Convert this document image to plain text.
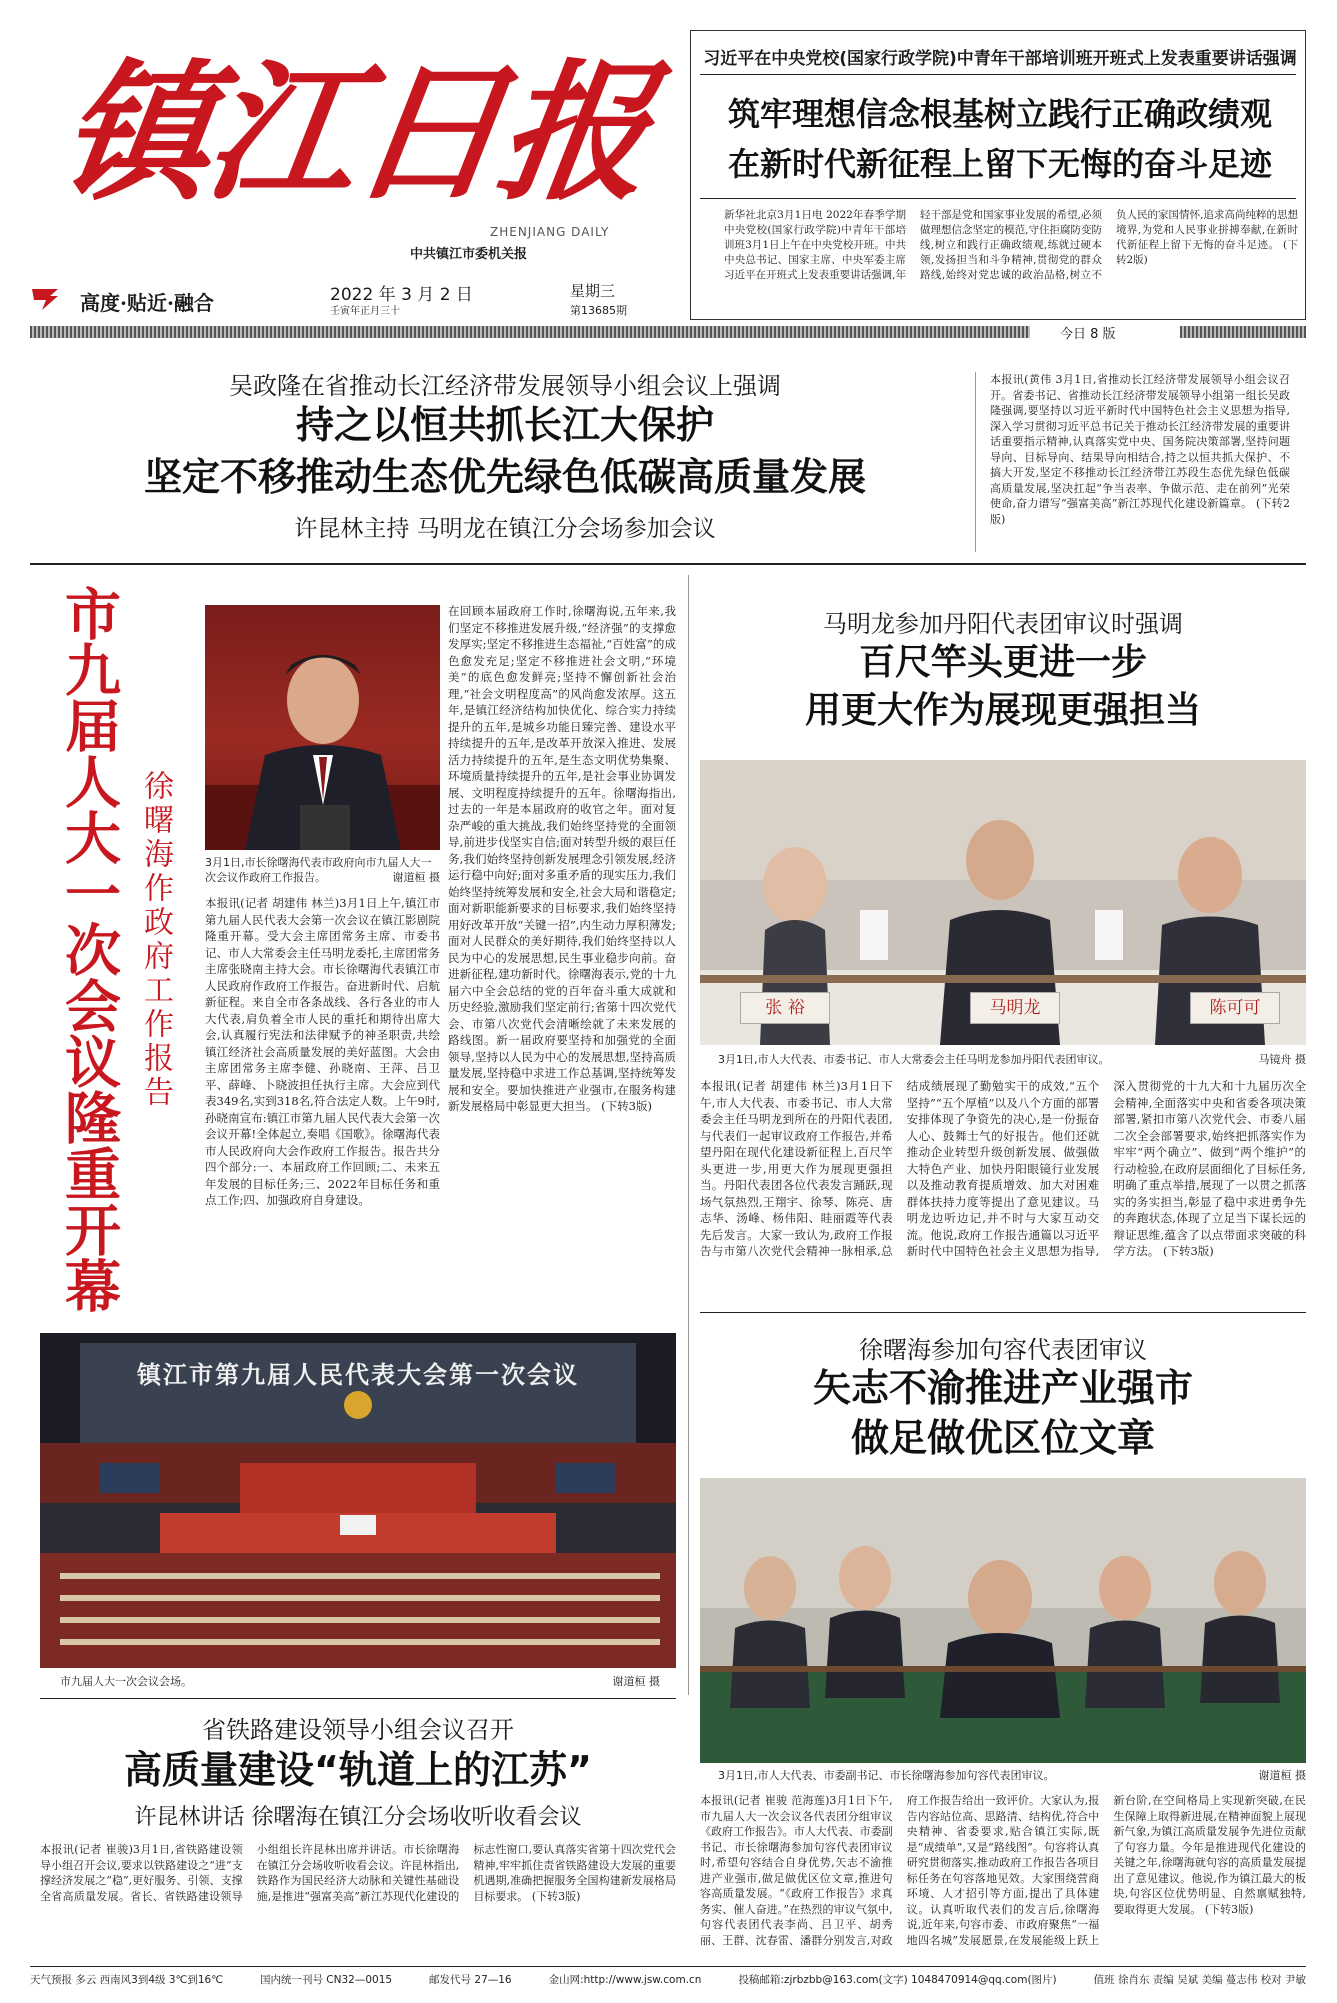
镇江日报
ZHENJIANG DAILY
中共镇江市委机关报
高度·贴近·融合	2022 年 3 月 2 日
壬寅年正月三十
星期三
第13685期
习近平在中央党校(国家行政学院)中青年干部培训班开班式上发表重要讲话强调
筑牢理想信念根基树立践行正确政绩观
在新时代新征程上留下无悔的奋斗足迹
新华社北京3月1日电 2022年春季学期中央党校(国家行政学院)中青年干部培训班3月1日上午在中央党校开班。中共中央总书记、国家主席、中央军委主席习近平在开班式上发表重要讲话强调,年轻干部是党和国家事业发展的希望,必须做理想信念坚定的模范,守住拒腐防变防线,树立和践行正确政绩观,练就过硬本领,发扬担当和斗争精神,贯彻党的群众路线,始终对党忠诚的政治品格,树立不负人民的家国情怀,追求高尚纯粹的思想境界,为党和人民事业拼搏奉献,在新时代新征程上留下无悔的奋斗足迹。 (下转2版)
今日 8 版
吴政隆在省推动长江经济带发展领导小组会议上强调
持之以恒共抓长江大保护
坚定不移推动生态优先绿色低碳高质量发展
许昆林主持 马明龙在镇江分会场参加会议
本报讯(黄伟 3月1日,省推动长江经济带发展领导小组会议召开。省委书记、省推动长江经济带发展领导小组第一组长吴政隆强调,要坚持以习近平新时代中国特色社会主义思想为指导,深入学习贯彻习近平总书记关于推动长江经济带发展的重要讲话重要指示精神,认真落实党中央、国务院决策部署,坚持问题导向、目标导向、结果导向相结合,持之以恒共抓大保护、不搞大开发,坚定不移推动长江经济带江苏段生态优先绿色低碳高质量发展,坚决扛起“争当表率、争做示范、走在前列”光荣使命,奋力谱写“强富美高”新江苏现代化建设新篇章。 (下转2版)
市九届人大一次会议隆重开幕 徐曙海作政府工作报告	3月1日,市长徐曙海代表市政府向市九届人大一次会议作政府工作报告。	谢道桓 摄
本报讯(记者 胡建伟 林兰)3月1日上午,镇江市第九届人民代表大会第一次会议在镇江影剧院隆重开幕。受大会主席团常务主席、市委书记、市人大常委会主任马明龙委托,主席团常务主席张晓南主持大会。市长徐曙海代表镇江市人民政府作政府工作报告。奋进新时代、启航新征程。来自全市各条战线、各行各业的市人大代表,肩负着全市人民的重托和期待出席大会,认真履行宪法和法律赋予的神圣职责,共绘镇江经济社会高质量发展的美好蓝图。大会由主席团常务主席李健、孙晓南、王萍、吕卫平、薛峰、卜晓波担任执行主席。大会应到代表349名,实到318名,符合法定人数。上午9时,孙晓南宣布:镇江市第九届人民代表大会第一次会议开幕!全体起立,奏唱《国歌》。徐曙海代表市人民政府向大会作政府工作报告。报告共分四个部分:一、本届政府工作回顾;二、未来五年发展的目标任务;三、2022年目标任务和重点工作;四、加强政府自身建设。
在回顾本届政府工作时,徐曙海说,五年来,我们坚定不移推进发展升级,“经济强”的支撑愈发厚实;坚定不移推进生态福祉,“百姓富”的成色愈发充足;坚定不移推进社会文明,“环境美”的底色愈发鲜亮;坚持不懈创新社会治理,“社会文明程度高”的风尚愈发浓厚。这五年,是镇江经济结构加快优化、综合实力持续提升的五年,是城乡功能日臻完善、建设水平持续提升的五年,是改革开放深入推进、发展活力持续提升的五年,是生态文明优势集聚、环境质量持续提升的五年,是社会事业协调发展、文明程度持续提升的五年。徐曙海指出,过去的一年是本届政府的收官之年。面对复杂严峻的重大挑战,我们始终坚持党的全面领导,前进步伐坚实自信;面对转型升级的艰巨任务,我们始终坚持创新发展理念引领发展,经济运行稳中向好;面对多重矛盾的现实压力,我们始终坚持统筹发展和安全,社会大局和谐稳定;面对新职能新要求的目标要求,我们始终坚持用好改革开放“关键一招”,内生动力厚积薄发;面对人民群众的美好期待,我们始终坚持以人民为中心的发展思想,民生事业稳步向前。奋进新征程,建功新时代。徐曙海表示,党的十九届六中全会总结的党的百年奋斗重大成就和历史经验,激励我们坚定前行;省第十四次党代会、市第八次党代会清晰绘就了未来发展的路线图。新一届政府要坚持和加强党的全面领导,坚持以人民为中心的发展思想,坚持高质量发展,坚持稳中求进工作总基调,坚持统筹发展和安全。要加快推进产业强市,在服务构建新发展格局中彰显更大担当。 (下转3版)
镇江市第九届人民代表大会第一次会议
市九届人大一次会议会场。	谢道桓 摄
马明龙参加丹阳代表团审议时强调
百尺竿头更进一步
用更大作为展现更强担当
张 裕	马明龙	陈可可
3月1日,市人大代表、市委书记、市人大常委会主任马明龙参加丹阳代表团审议。	马镜舟 摄
本报讯(记者 胡建伟 林兰)3月1日下午,市人大代表、市委书记、市人大常委会主任马明龙到所在的丹阳代表团,与代表们一起审议政府工作报告,并希望丹阳在现代化建设新征程上,百尺竿头更进一步,用更大作为展现更强担当。丹阳代表团各位代表发言踊跃,现场气氛热烈,王翔宇、徐琴、陈亮、唐志华、汤峰、杨伟阳、眭丽霞等代表先后发言。大家一致认为,政府工作报告与市第八次党代会精神一脉相承,总结成绩展现了勤勉实干的成效,“五个坚持”“五个厚植”以及八个方面的部署安排体现了争资先的决心,是一份振奋人心、鼓舞士气的好报告。他们还就推动企业转型升级创新发展、做强做大特色产业、加快丹阳眼镜行业发展以及推动教育提质增效、加大对困难群体扶持力度等提出了意见建议。马明龙边听边记,并不时与大家互动交流。他说,政府工作报告通篇以习近平新时代中国特色社会主义思想为指导,深入贯彻党的十九大和十九届历次全会精神,全面落实中央和省委各项决策部署,紧扣市第八次党代会、市委八届二次全会部署要求,始终把抓落实作为牢牢“两个确立”、做到“两个维护”的行动检验,在政府层面细化了目标任务,明确了重点举措,展现了一以贯之抓落实的务实担当,彰显了稳中求进勇争先的奔跑状态,体现了立足当下谋长远的辩证思维,蕴含了以点带面求突破的科学方法。 (下转3版)
徐曙海参加句容代表团审议
矢志不渝推进产业强市
做足做优区位文章
3月1日,市人大代表、市委副书记、市长徐曙海参加句容代表团审议。	谢道桓 摄
本报讯(记者 崔骏 范海莲)3月1日下午,市九届人大一次会议各代表团分组审议《政府工作报告》。市人大代表、市委副书记、市长徐曙海参加句容代表团审议时,希望句容结合自身优势,矢志不渝推进产业强市,做足做优区位文章,推进句容高质量发展。“《政府工作报告》求真务实、催人奋进。”在热烈的审议气氛中,句容代表团代表李尚、吕卫平、胡秀丽、王群、沈春雷、潘群分别发言,对政府工作报告给出一致评价。大家认为,报告内容站位高、思路清、结构优,符合中央精神、省委要求,贴合镇江实际,既是“成绩单”,又是“路线图”。句容将认真研究贯彻落实,推动政府工作报告各项目标任务在句容落地见效。大家围绕营商环境、人才招引等方面,提出了具体建议。认真听取代表们的发言后,徐曙海说,近年来,句容市委、市政府聚焦“一福地四名城”发展愿景,在发展能级上跃上新台阶,在空间格局上实现新突破,在民生保障上取得新进展,在精神面貌上展现新气象,为镇江高质量发展争先进位贡献了句容力量。今年是推进现代化建设的关键之年,徐曙海就句容的高质量发展提出了意见建议。他说,作为镇江最大的板块,句容区位优势明显、自然禀赋独特,要取得更大发展。 (下转3版)
省铁路建设领导小组会议召开
高质量建设“轨道上的江苏”
许昆林讲话 徐曙海在镇江分会场收听收看会议
本报讯(记者 崔骏)3月1日,省铁路建设领导小组召开会议,要求以铁路建设之“进”支撑经济发展之“稳”,更好服务、引领、支撑全省高质量发展。省长、省铁路建设领导小组组长许昆林出席并讲话。市长徐曙海在镇江分会场收听收看会议。许昆林指出,铁路作为国民经济大动脉和关键性基础设施,是推进“强富美高”新江苏现代化建设的标志性窗口,要认真落实省第十四次党代会精神,牢牢抓住责省铁路建设大发展的重要机遇期,准确把握服务全国构建新发展格局目标要求。 (下转3版)
天气预报 多云 西南风3到4级 3℃到16℃	国内统一刊号 CN32—0015	邮发代号 27—16	金山网:http://www.jsw.com.cn	投稿邮箱:zjrbzbb@163.com(文字) 1048470914@qq.com(图片)	值班 徐肖东 责编 吴斌 美编 蔓志伟 校对 尹敏
